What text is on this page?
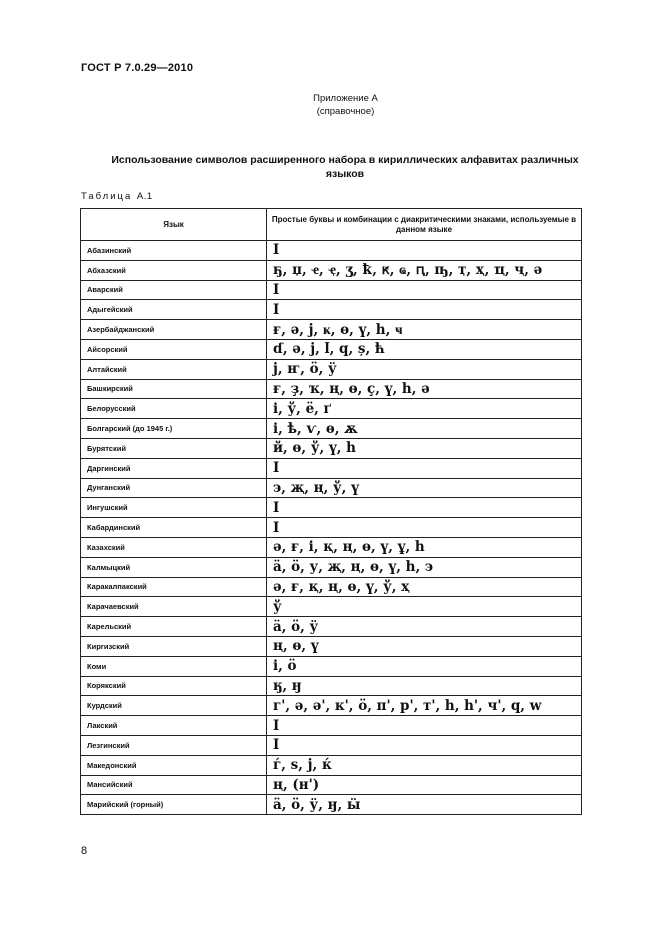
ГОСТ Р 7.0.29—2010
Приложение А
(справочное)
Использование символов расширенного набора в кириллических алфавитах различных языков
Таблица А.1
Язык	Простые буквы и комбинации с диакритическими знаками, используемые в данном языке
Абазинский	Ӏ
Абхазский	ҕ, џ, ҽ, ҿ, ӡ, ҟ, ԟ, ҩ, ԥ, ҧ, ҭ, ҳ, ҵ, ҷ, ә
Аварский	Ӏ
Адыгейский	Ӏ
Азербайджанский	ғ, ә, ј, ҝ, ө, ү, һ, ҹ
Айсорский	ɗ, ә, ј, ӏ, q, ș, ћ
Алтайский	ј, ҥ, ӧ, ӱ
Башкирский	ғ, ҙ, ҡ, ң, ө, ҫ, ү, һ, ә
Белорусский	і, ў, ё, ґ
Болгарский (до 1945 г.)	і, ѣ, ѵ, ѳ, ѫ
Бурятский	й, ө, ў, ү, һ
Даргинский	Ӏ
Дунганский	э, җ, ң, ў, ү
Ингушский	Ӏ
Кабардинский	Ӏ
Казахский	ә, ғ, і, қ, ң, ө, ү, ұ, һ
Калмыцкий	ӓ, ӧ, у, җ, ң, ө, ү, һ, э
Каракалпакский	ә, ғ, қ, ң, ө, ү, ў, ҳ
Карачаевский	ў
Карельский	ӓ, ӧ, ӱ
Киргизский	ң, ө, ү
Коми	і, ӧ
Корякский	ӄ, ӈ
Курдский	г', ә, ә', к', ӧ, п', р', т', һ, һ', ч', q, w
Лакский	Ӏ
Лезгинский	Ӏ
Македонский	ѓ, ѕ, ј, ќ
Мансийский	ң, (н')
Марийский (горный)	ӓ, ӧ, ӱ, ӈ, ӹ
8
